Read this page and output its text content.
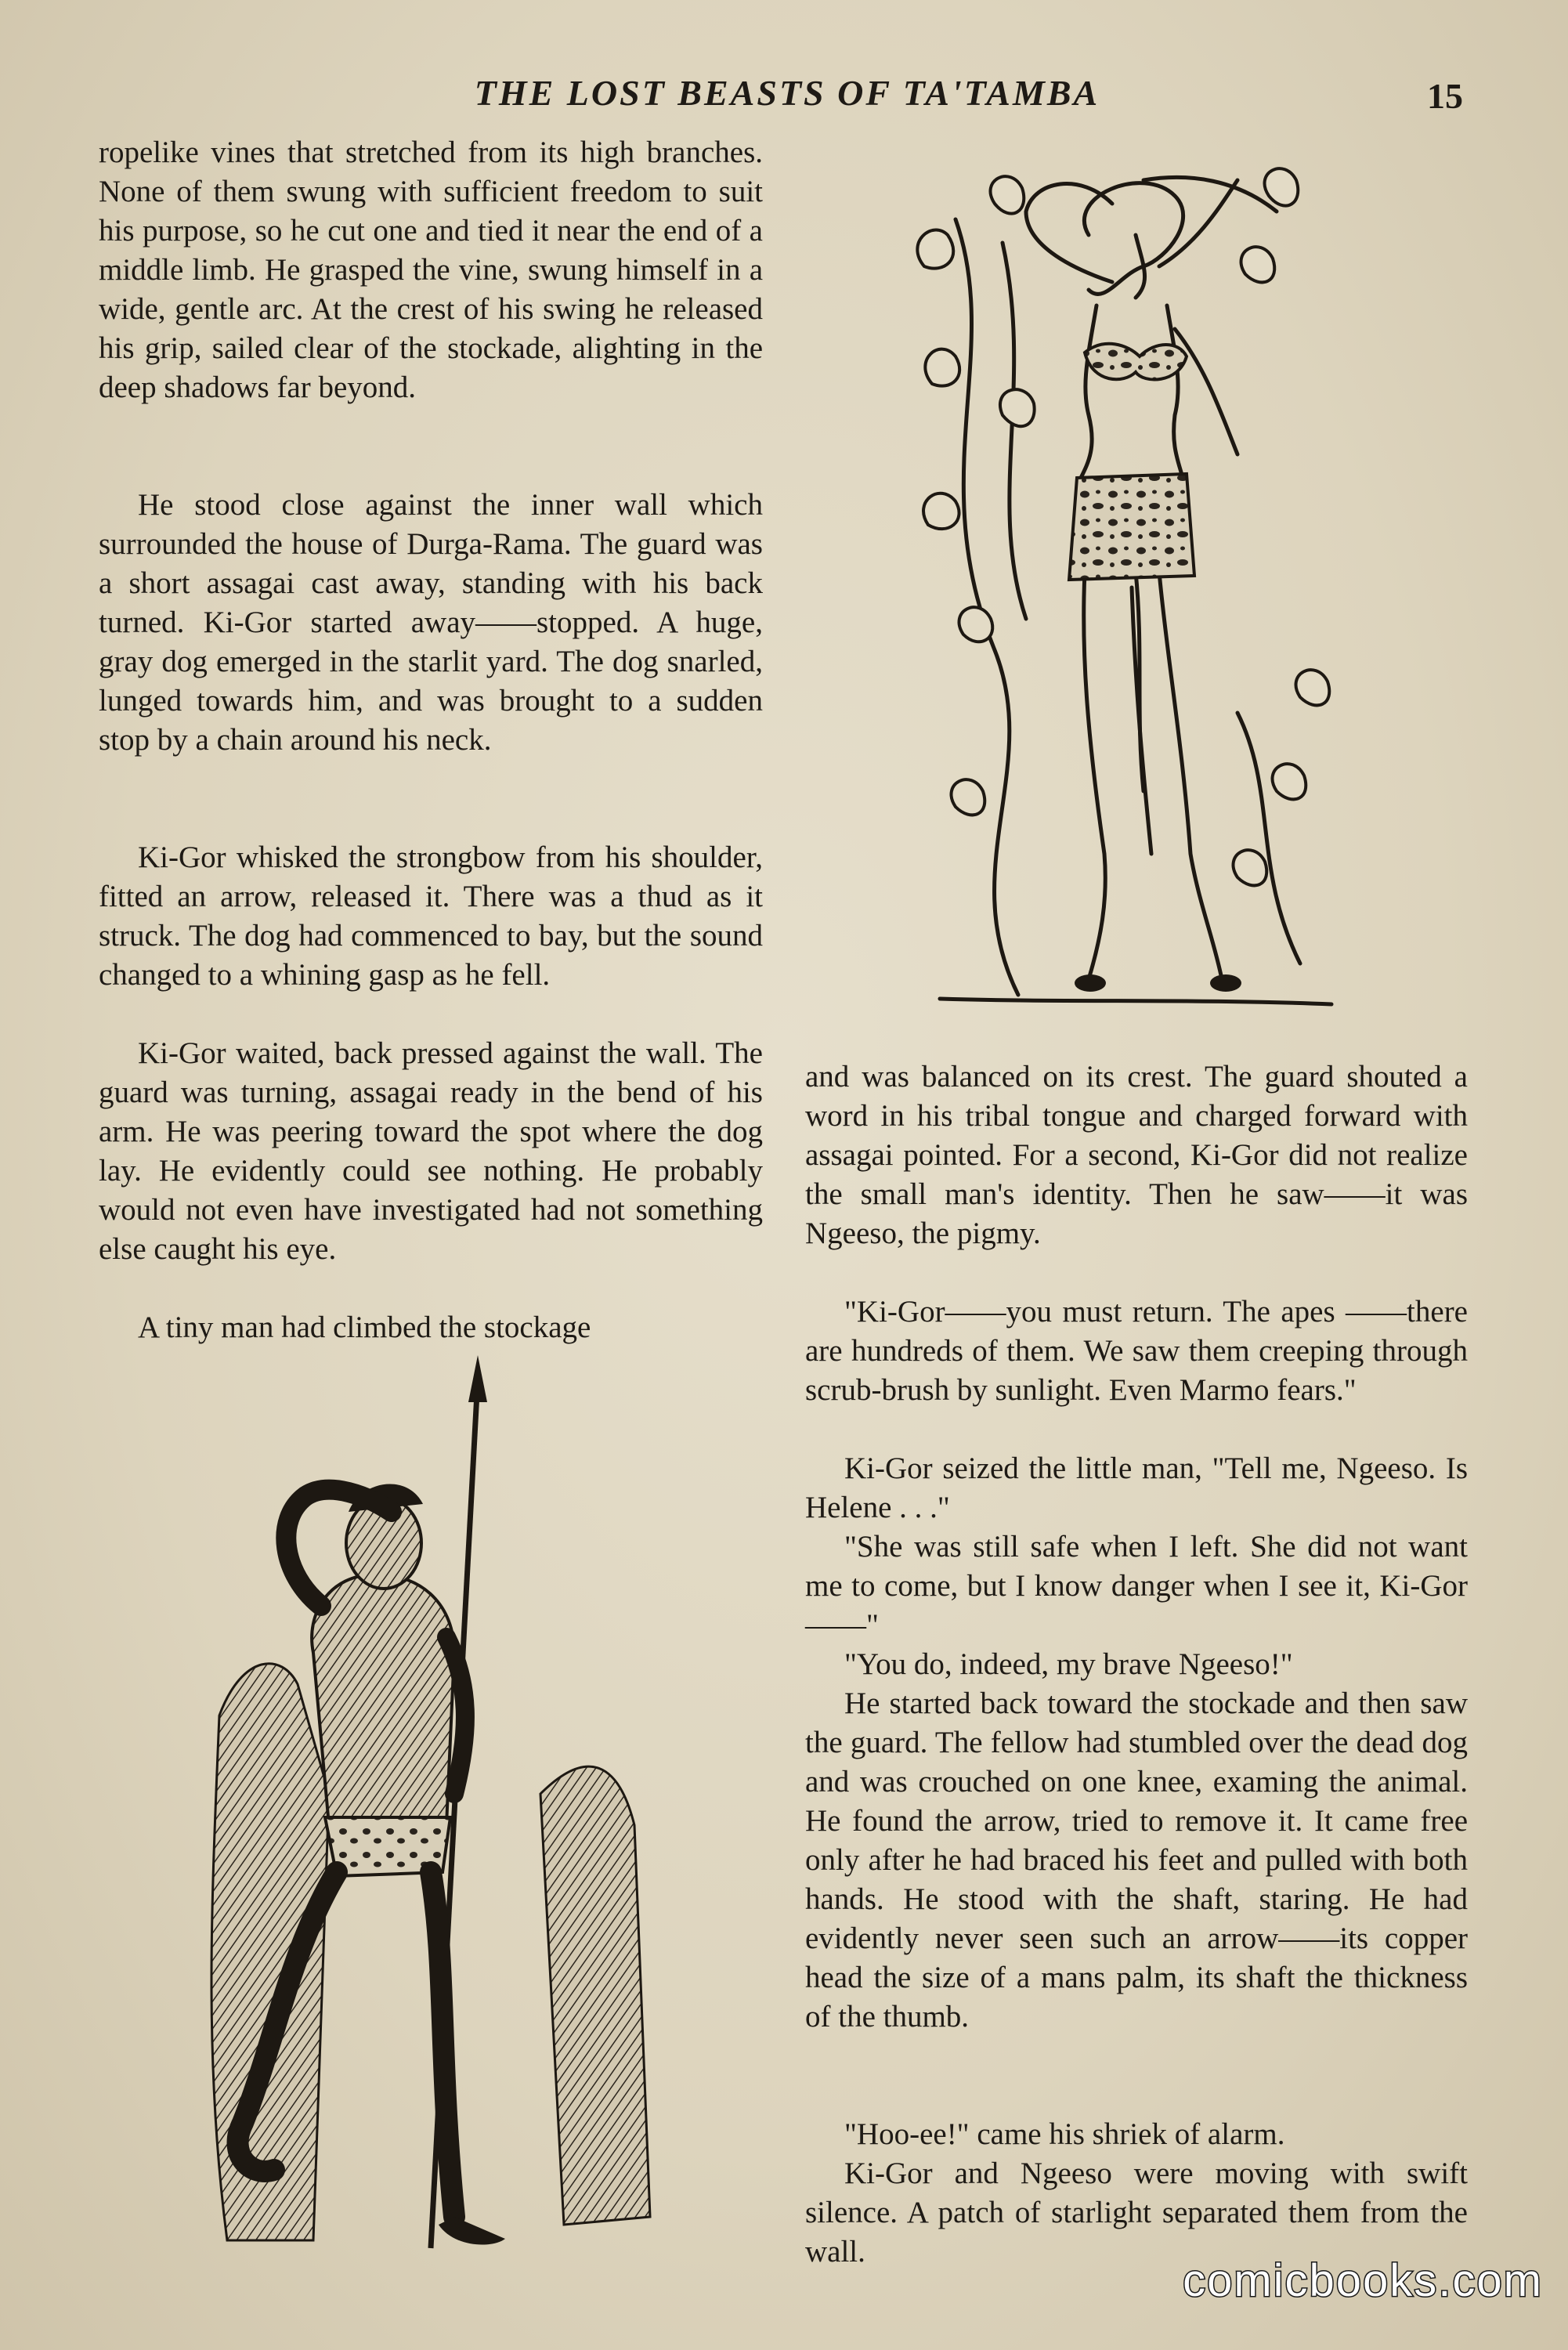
THE LOST BEASTS OF TA'TAMBA	15

ropelike vines that stretched from its high branches. None of them swung with sufficient freedom to suit his purpose, so he cut one and tied it near the end of a middle limb. He grasped the vine, swung himself in a wide, gentle arc. At the crest of his swing he released his grip, sailed clear of the stockade, alighting in the deep shadows far beyond.

He stood close against the inner wall which surrounded the house of Durga-Rama. The guard was a short assagai cast away, standing with his back turned. Ki-Gor started away——stopped. A huge, gray dog emerged in the starlit yard. The dog snarled, lunged towards him, and was brought to a sudden stop by a chain around his neck.

Ki-Gor whisked the strongbow from his shoulder, fitted an arrow, released it. There was a thud as it struck. The dog had commenced to bay, but the sound changed to a whining gasp as he fell.

Ki-Gor waited, back pressed against the wall. The guard was turning, assagai ready in the bend of his arm. He was peering toward the spot where the dog lay. He evidently could see nothing. He probably would not even have investigated had not something else caught his eye.

A tiny man had climbed the stockage

and was balanced on its crest. The guard shouted a word in his tribal tongue and charged forward with assagai pointed. For a second, Ki-Gor did not realize the small man's identity. Then he saw——it was Ngeeso, the pigmy.

"Ki-Gor——you must return. The apes ——there are hundreds of them. We saw them creeping through scrub-brush by sunlight. Even Marmo fears."

Ki-Gor seized the little man, "Tell me, Ngeeso. Is Helene . . ."

"She was still safe when I left. She did not want me to come, but I know danger when I see it, Ki-Gor——"

"You do, indeed, my brave Ngeeso!"

He started back toward the stockade and then saw the guard. The fellow had stumbled over the dead dog and was crouched on one knee, examing the animal. He found the arrow, tried to remove it. It came free only after he had braced his feet and pulled with both hands. He stood with the shaft, staring. He had evidently never seen such an arrow——its copper head the size of a mans palm, its shaft the thickness of the thumb.

"Hoo-ee!" came his shriek of alarm.

Ki-Gor and Ngeeso were moving with swift silence. A patch of starlight separated them from the wall.

comicbooks.com
